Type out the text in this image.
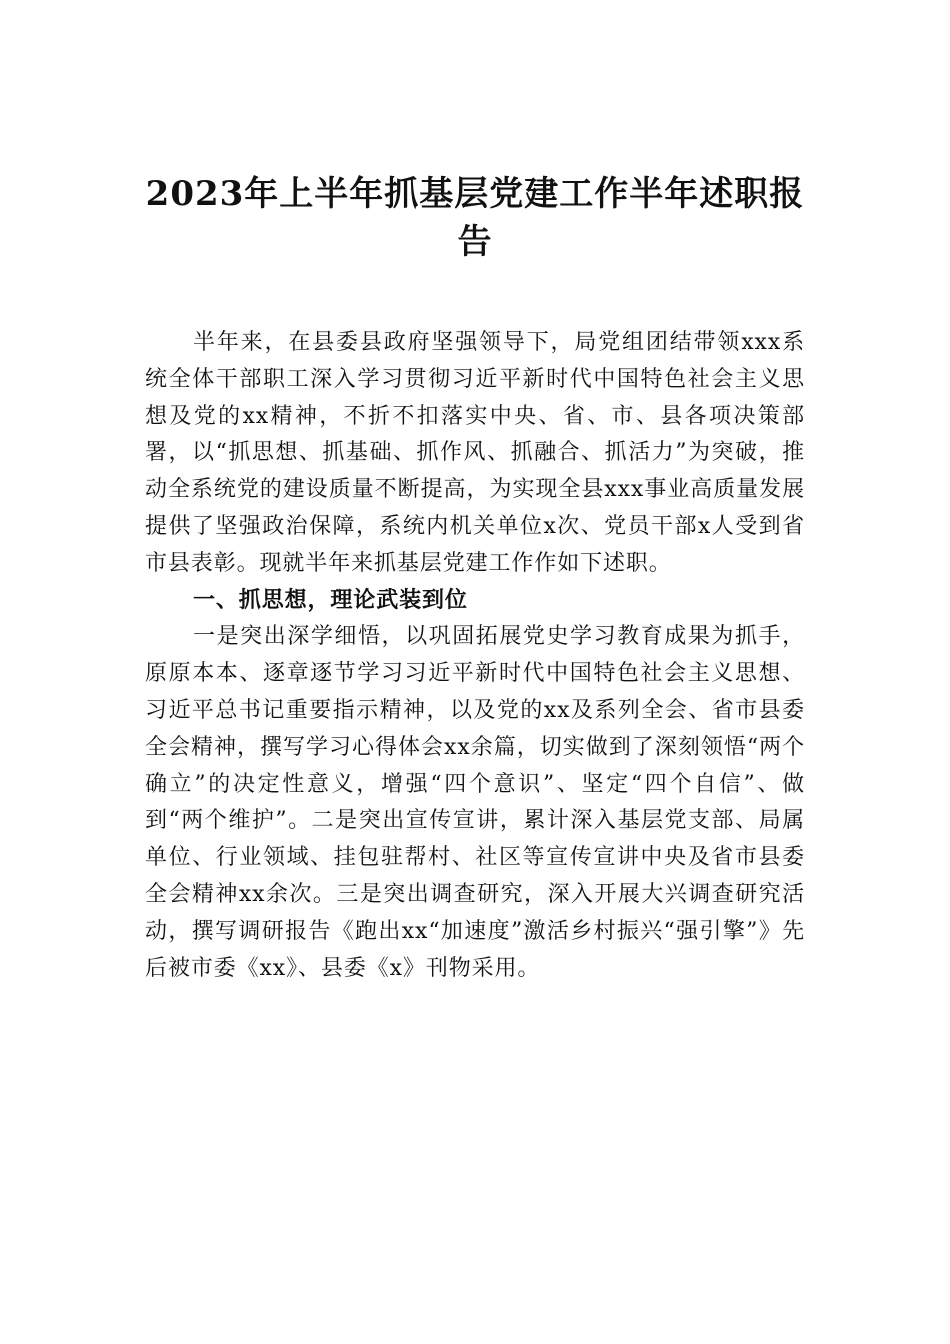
2023年上半年抓基层党建工作半年述职报告

半年来，在县委县政府坚强领导下，局党组团结带领xxx系统全体干部职工深入学习贯彻习近平新时代中国特色社会主义思想及党的xx精神，不折不扣落实中央、省、市、县各项决策部署，以“抓思想、抓基础、抓作风、抓融合、抓活力”为突破，推动全系统党的建设质量不断提高，为实现全县xxx事业高质量发展提供了坚强政治保障，系统内机关单位x次、党员干部x人受到省市县表彰。现就半年来抓基层党建工作作如下述职。

一、抓思想，理论武装到位

一是突出深学细悟，以巩固拓展党史学习教育成果为抓手，原原本本、逐章逐节学习习近平新时代中国特色社会主义思想、习近平总书记重要指示精神，以及党的xx及系列全会、省市县委全会精神，撰写学习心得体会xx余篇，切实做到了深刻领悟“两个确立”的决定性意义，增强“四个意识”、坚定“四个自信”、做到“两个维护”。二是突出宣传宣讲，累计深入基层党支部、局属单位、行业领域、挂包驻帮村、社区等宣传宣讲中央及省市县委全会精神xx余次。三是突出调查研究，深入开展大兴调查研究活动，撰写调研报告《跑出xx“加速度”激活乡村振兴“强引擎”》先后被市委《xx》、县委《x》刊物采用。
